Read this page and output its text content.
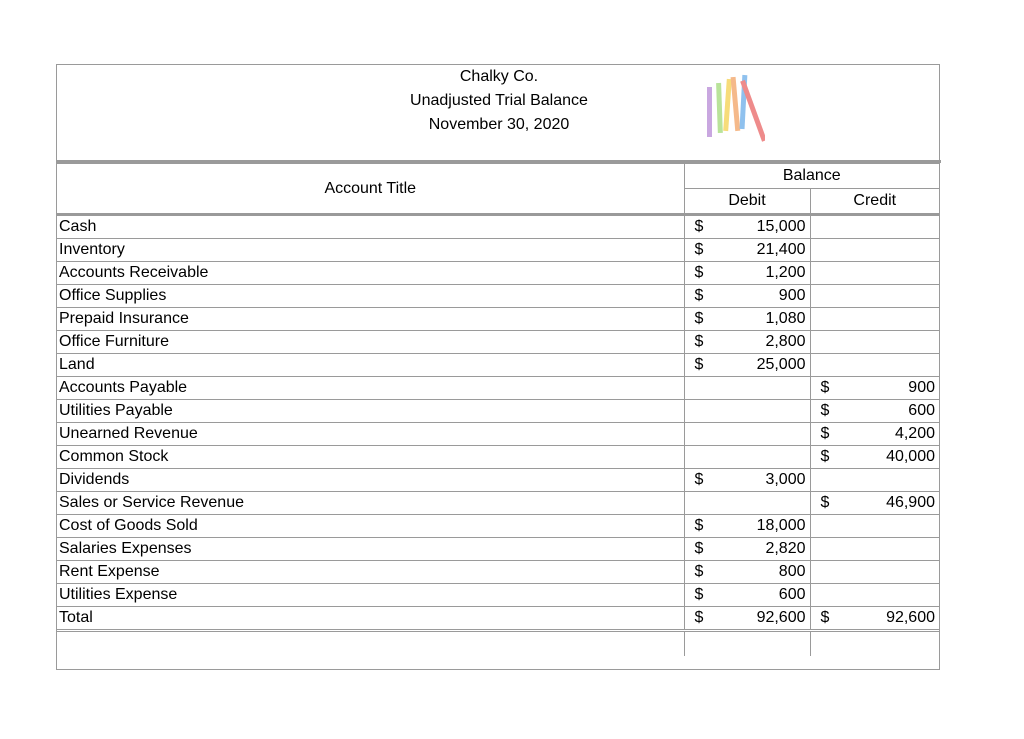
Chalky Co.
Unadjusted Trial Balance
November 30, 2020
Account Title	Balance			
	Debit		Credit	
Cash	$	15,000		
Inventory	$	21,400		
Accounts Receivable	$	1,200		
Office Supplies	$	900		
Prepaid Insurance	$	1,080		
Office Furniture	$	2,800		
Land	$	25,000		
Accounts Payable			$	900
Utilities Payable			$	600
Unearned Revenue			$	4,200
Common Stock			$	40,000
Dividends	$	3,000		
Sales or Service Revenue			$	46,900
Cost of Goods Sold	$	18,000		
Salaries Expenses	$	2,820		
Rent Expense	$	800		
Utilities Expense	$	600		
Total	$	92,600	$	92,600
